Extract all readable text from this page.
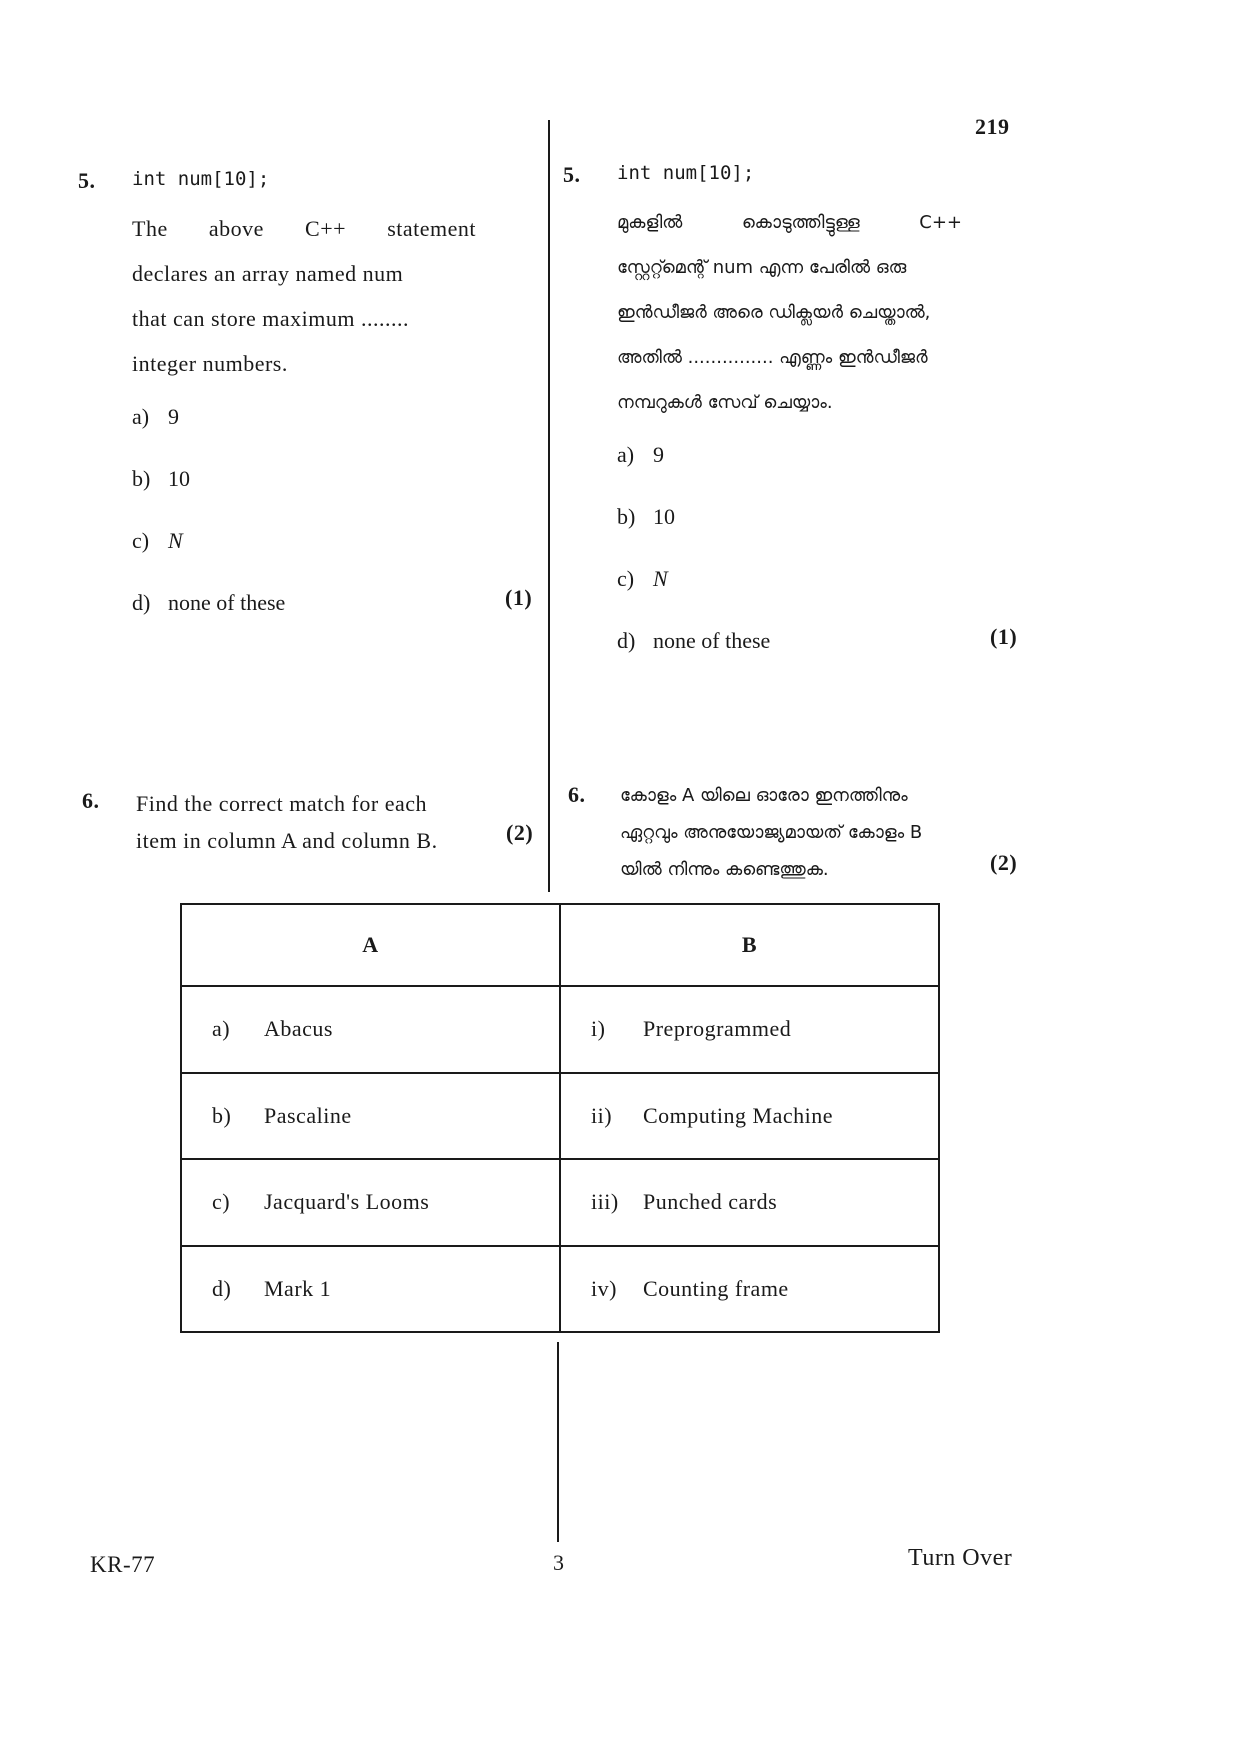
219
5. int num[10];
The above C++ statement
declares an array named num
that can store maximum ........
integer numbers.
a) 9
b) 10
c) N
d) none of these	(1)
6. Find the correct match for each
item in column A and column B.	(2)
5. int num[10];
മുകളിൽ കൊടുത്തിട്ടുള്ള C++
സ്റ്റേറ്റ്മെന്റ് num എന്ന പേരിൽ ഒരു
ഇൻഡീജർ അരെ ഡിക്ലയർ ചെയ്താൽ,
അതിൽ ............... എണ്ണം ഇൻഡീജർ
നമ്പറുകൾ സേവ് ചെയ്യാം.
a) 9
b) 10
c) N
d) none of these	(1)
6. കോളം A യിലെ ഓരോ ഇനത്തിനും
ഏറ്റവും അനുയോജ്യമായത് കോളം B
യിൽ നിന്നും കണ്ടെത്തുക.	(2)
A	B
a) Abacus	i) Preprogrammed
b) Pascaline	ii) Computing Machine
c) Jacquard's Looms	iii) Punched cards
d) Mark 1	iv) Counting frame
KR-77	3	Turn Over
